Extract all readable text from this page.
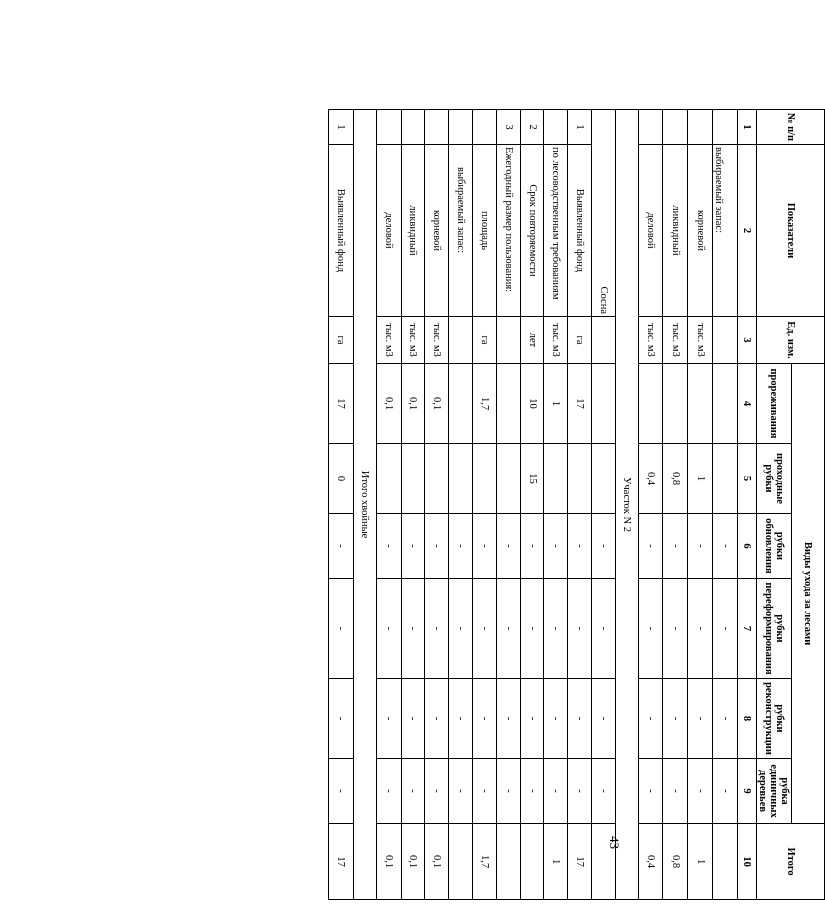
43
№ п/п	Показатели	Ед. изм.	Виды ухода за лесами						Итого
			прореживания	проходные рубки	рубки обновления	рубки переформирования	рубки реконструкции	рубка единичных деревьев	
1	2	3	4	5	6	7	8	9	10
	выбираемый запас:				-	-	-	-	
	корневой	тыс. м3		1	-	-	-	-	1
	ликвидный	тыс. м3		0,8	-	-	-	-	0,8
	деловой	тыс. м3		0,4	-	-	-	-	0,4
Участок N 2									
Сосна					-	-	-	-	
1	Выявленный фонд	га	17		-	-	-	-	17
	по лесоводственным требованиям	тыс. м3	1		-	-	-	-	1
2	Срок повторяемости	лет	10	15	-	-	-	-	
3	Ежегодный размер пользования:				-	-	-	-	
	площадь	га	1,7		-	-	-	-	1,7
	выбираемый запас:				-	-	-	-	
	корневой	тыс. м3	0,1		-	-	-	-	0,1
	ликвидный	тыс. м3	0,1		-	-	-	-	0,1
	деловой	тыс. м3	0,1		-	-	-	-	0,1
Итого хвойные									
1	Выявленный фонд	га	17	0	-	-	-	-	17
